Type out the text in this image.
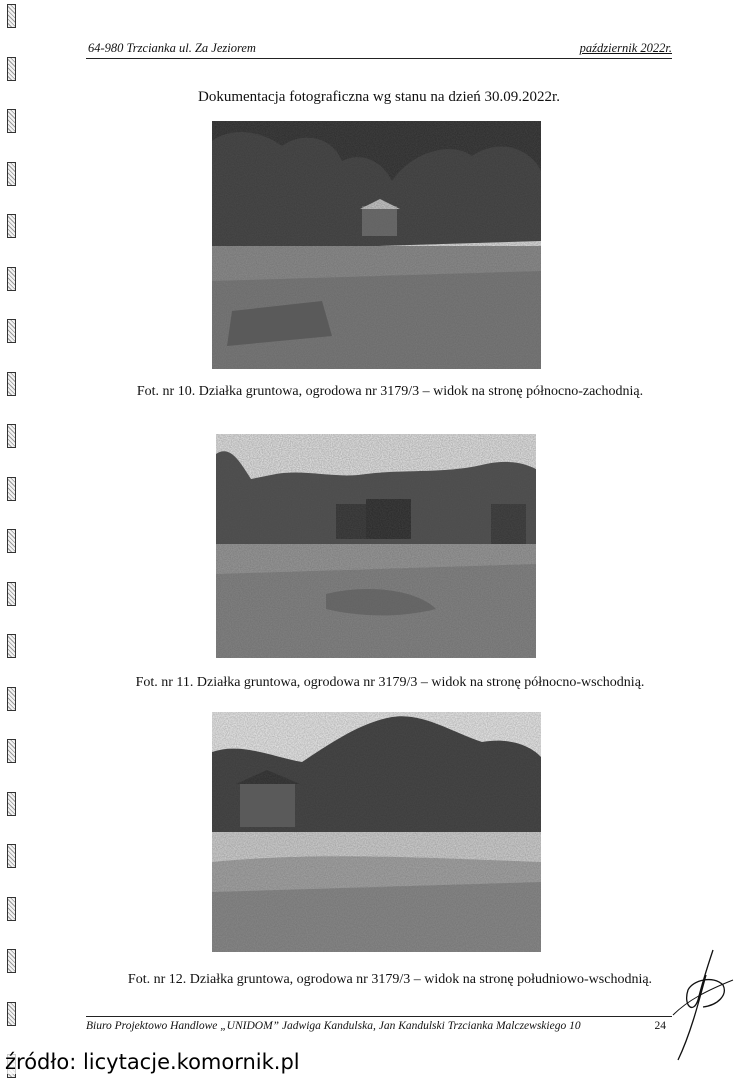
64-980 Trzcianka ul. Za Jeziorem	październik 2022r.
Dokumentacja fotograficzna wg stanu na dzień 30.09.2022r.
Fot. nr 10. Działka gruntowa, ogrodowa nr 3179/3 – widok na stronę północno-zachodnią.
Fot. nr 11. Działka gruntowa, ogrodowa nr 3179/3 – widok na stronę północno-wschodnią.
Fot. nr 12. Działka gruntowa, ogrodowa nr 3179/3 – widok na stronę południowo-wschodnią.
Biuro Projektowo Handlowe „UNIDOM” Jadwiga Kandulska, Jan Kandulski Trzcianka Malczewskiego 10	24
źródło: licytacje.komornik.pl
